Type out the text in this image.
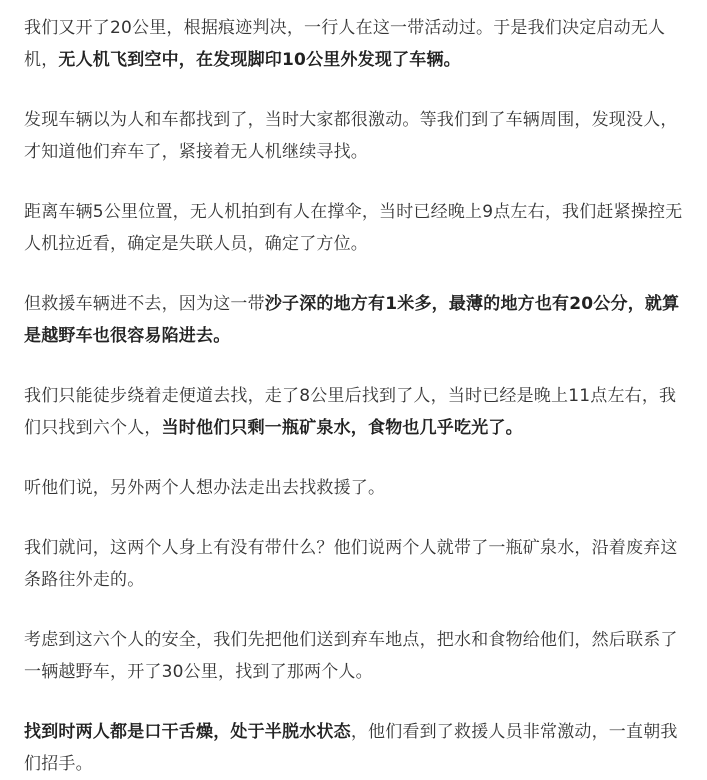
我们又开了20公里，根据痕迹判决，一行人在这一带活动过。于是我们决定启动无人机，无人机飞到空中，在发现脚印10公里外发现了车辆。

发现车辆以为人和车都找到了，当时大家都很激动。等我们到了车辆周围，发现没人，才知道他们弃车了，紧接着无人机继续寻找。

距离车辆5公里位置，无人机拍到有人在撑伞，当时已经晚上9点左右，我们赶紧操控无人机拉近看，确定是失联人员，确定了方位。

但救援车辆进不去，因为这一带沙子深的地方有1米多，最薄的地方也有20公分，就算是越野车也很容易陷进去。

我们只能徒步绕着走便道去找，走了8公里后找到了人，当时已经是晚上11点左右，我们只找到六个人，当时他们只剩一瓶矿泉水，食物也几乎吃光了。

听他们说，另外两个人想办法走出去找救援了。

我们就问，这两个人身上有没有带什么？他们说两个人就带了一瓶矿泉水，沿着废弃这条路往外走的。

考虑到这六个人的安全，我们先把他们送到弃车地点，把水和食物给他们，然后联系了一辆越野车，开了30公里，找到了那两个人。

找到时两人都是口干舌燥，处于半脱水状态，他们看到了救援人员非常激动，一直朝我们招手。
